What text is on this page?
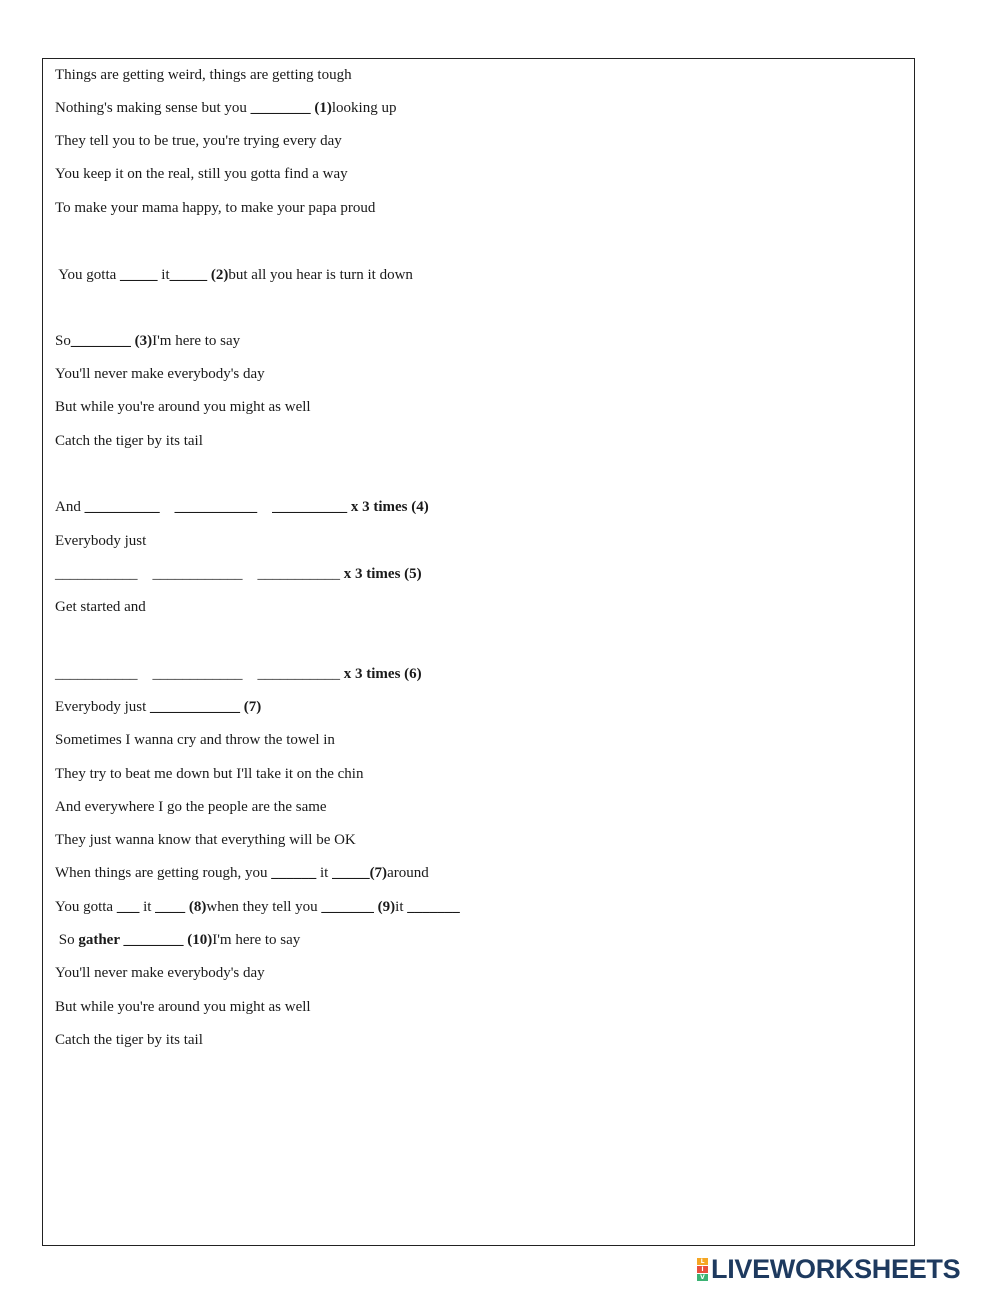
Things are getting weird, things are getting tough
Nothing's making sense but you ________ (1)looking up
They tell you to be true, you're trying every day
You keep it on the real, still you gotta find a way
To make your mama happy, to make your papa proud
You gotta _____ it_____ (2)but all you hear is turn it down
So________ (3)I'm here to say
You'll never make everybody's day
But while you're around you might as well
Catch the tiger by its tail
And __________    ___________    __________ x 3 times (4)
Everybody just
___________    ____________    ___________ x 3 times (5)
Get started and
___________    ____________    ___________ x 3 times (6)
Everybody just ____________ (7)
Sometimes I wanna cry and throw the towel in
They try to beat me down but I'll take it on the chin
And everywhere I go the people are the same
They just wanna know that everything will be OK
When things are getting rough, you ______ it _____(7)around
You gotta ___ it ____ (8)when they tell you _______ (9)it _______
So gather ________ (10)I'm here to say
You'll never make everybody's day
But while you're around you might as well
Catch the tiger by its tail
L
I
V LIVEWORKSHEETS
